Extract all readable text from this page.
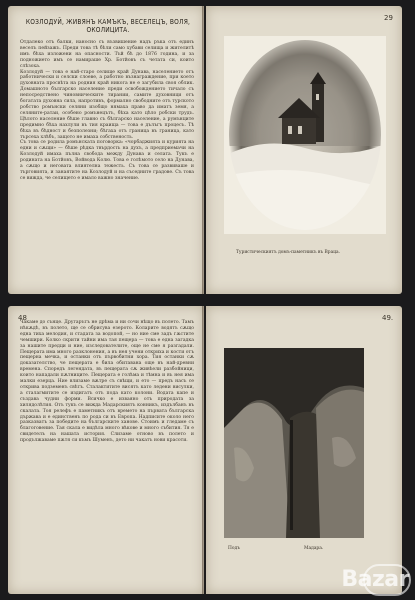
КОЗЛОДУЙ, ЖИВЯНЪ КАМЪКЪ, ВЕСЕЛЕЦЪ, ВОЛЯ, ОКОЛИЦИТА.
Отдалеко отъ балки, наносно съ възвишение надъ ръка отъ единъ веселъ пейзажъ. Преди това тѣ бѣли само хубави селища и жителитѣ имъ бѣха изложени на опасности. Тъй бѣ до 1876 година, и за подножието имъ се намираше Хр. Ботйовъ съ четата си, които слѣзоха.
Козлодуй — това е най-старо селище край Дунава, населението отъ работнически и селски слоеве, а работно възнаграждение, при което духовната просвѣта на родния край никога не е загубила своя облик. Домашното българско население преди освобождението тичало съ непосредствено чиновническите тирании, самите духовници отъ богатата духовна сила, напротивъ, формално свободните отъ турското робство ромънски селяни изобщо нямаха право да иматъ земя, а селяните-ратаи, особено ромънецътъ, бѣха като цѣло робски трудъ. Цѣлото население бѣше главно съ бѣлгарско население, а румънците предимно бѣха нахлули въ тия краища — това е дълъгъ процесъ. Тѣ бѣха въ бѣдност и безполезни; бѣгаха отъ граница въ граница, като търсеха хлѣбъ, защото не имаха собственость.
Съ това се родила ромънската поговорка: «чорбаджията и курията на едни и сѫщи» — бѣше рѣдка твърдость на духъ, а предприемачи на Козлодуй имаха пълна свобода между Дунава и селата. Тукъ е родината на Ботйовъ, Войвода Колю. Това е голѣмото село на Дунава, а сѫщо и неговата влиятелна тежесть. Съ това се развиваше и търговията, и занаятите на Козлодуй и на съседните градове. Съ това се вижда, че селището е имало важно значение.
29
Туристическиятъ домъ-паметникъ въ Враца.
48
Чакаме до сънце. Другарътъ не дрѣма и ни сочи нѣщо въ полето. Тамъ нѣкѫдѣ, въ полето, ще се обрисува езерото. Коларите водятъ сѫщо една тиха мелодия, и стадата за водопой, — но ние сме задъ гѫстите чемшири. Колко скрити тайни има тая пещера — това е една загадка за нашите предци и ние, изследователите, още не сме я разгадали. Пещерата има много разклонения, а въ нея учени откриха и кости отъ пещерна мечка, и останки отъ първобитни хора. Тия останки сѫ доказателство, че пещерата е била обитавана още въ най-древни времена. Споредъ легендата, въ пещерата сѫ живѣели разбойници, които нападали пѫтниците. Пещерата е голѣма и тѣмна и въ нея има малки езерца. Ние влизаме вѫтре съ свѣщи, и ето — предъ насъ се открива подземенъ свѣтъ. Сталактитите висятъ като ледени висулки, а сталагмитите се издигатъ отъ пода като колони. Водата капе и създава чудни форми. Всичко е изваяно отъ природата за хилядолѣтия. Отъ тукъ се вижда Мадарскиятъ конникъ, издълбанъ въ скалата. Тоя релефъ е паметникъ отъ времето на първата българска държава и е единственъ по рода си въ Европа. Надписите около него разказватъ за победите на българските ханове. Стоимъ и гледаме съ благоговение. Тая скала е видѣла много вѣкове и много събития. Тя е свидетелъ на нашата история. Слизаме отново въ полето и продължаваме пѫтя си къмъ Шуменъ, дето ни чакатъ нови красоти.
49.
Подъ	Мадара.
Bazar
